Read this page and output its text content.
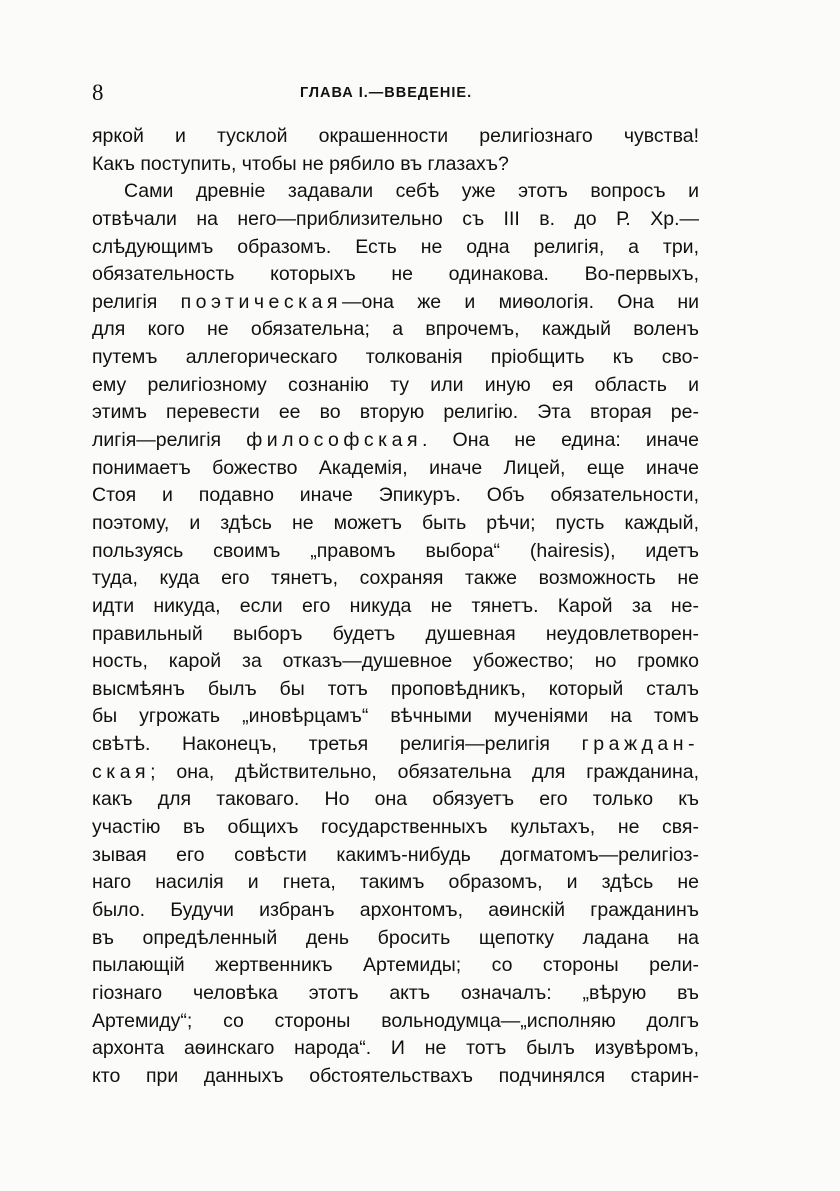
8	ГЛАВА I.—ВВЕДЕНІЕ.
яркой и тусклой окрашенности религіознаго чувства!
Какъ поступить, чтобы не рябило въ глазахъ?
Сами древніе задавали себѣ уже этотъ вопросъ и
отвѣчали на него—приблизительно съ III в. до Р. Хр.—
слѣдующимъ образомъ. Есть не одна религія, а три,
обязательность которыхъ не одинакова. Во-первыхъ,
религія поэтическая—она же и миѳологія. Она ни
для кого не обязательна; а впрочемъ, каждый воленъ
путемъ аллегорическаго толкованія пріобщить къ сво-
ему религіозному сознанію ту или иную ея область и
этимъ перевести ее во вторую религію. Эта вторая ре-
лигія—религія философская. Она не едина: иначе
понимаетъ божество Академія, иначе Лицей, еще иначе
Стоя и подавно иначе Эпикуръ. Объ обязательности,
поэтому, и здѣсь не можетъ быть рѣчи; пусть каждый,
пользуясь своимъ „правомъ выбора“ (hairesis), идетъ
туда, куда его тянетъ, сохраняя также возможность не
идти никуда, если его никуда не тянетъ. Карой за не-
правильный выборъ будетъ душевная неудовлетворен-
ность, карой за отказъ—душевное убожество; но громко
высмѣянъ былъ бы тотъ проповѣдникъ, который сталъ
бы угрожать „иновѣрцамъ“ вѣчными мученіями на томъ
свѣтѣ. Наконецъ, третья религія—религія граждан-
ская; она, дѣйствительно, обязательна для гражданина,
какъ для таковаго. Но она обязуетъ его только къ
участію въ общихъ государственныхъ культахъ, не свя-
зывая его совѣсти какимъ-нибудь догматомъ—религіоз-
наго насилія и гнета, такимъ образомъ, и здѣсь не
было. Будучи избранъ архонтомъ, аѳинскій гражданинъ
въ опредѣленный день бросить щепотку ладана на
пылающій жертвенникъ Артемиды; со стороны рели-
гіознаго человѣка этотъ актъ означалъ: „вѣрую въ
Артемиду“; со стороны вольнодумца—„исполняю долгъ
архонта аѳинскаго народа“. И не тотъ былъ изувѣромъ,
кто при данныхъ обстоятельствахъ подчинялся старин-
